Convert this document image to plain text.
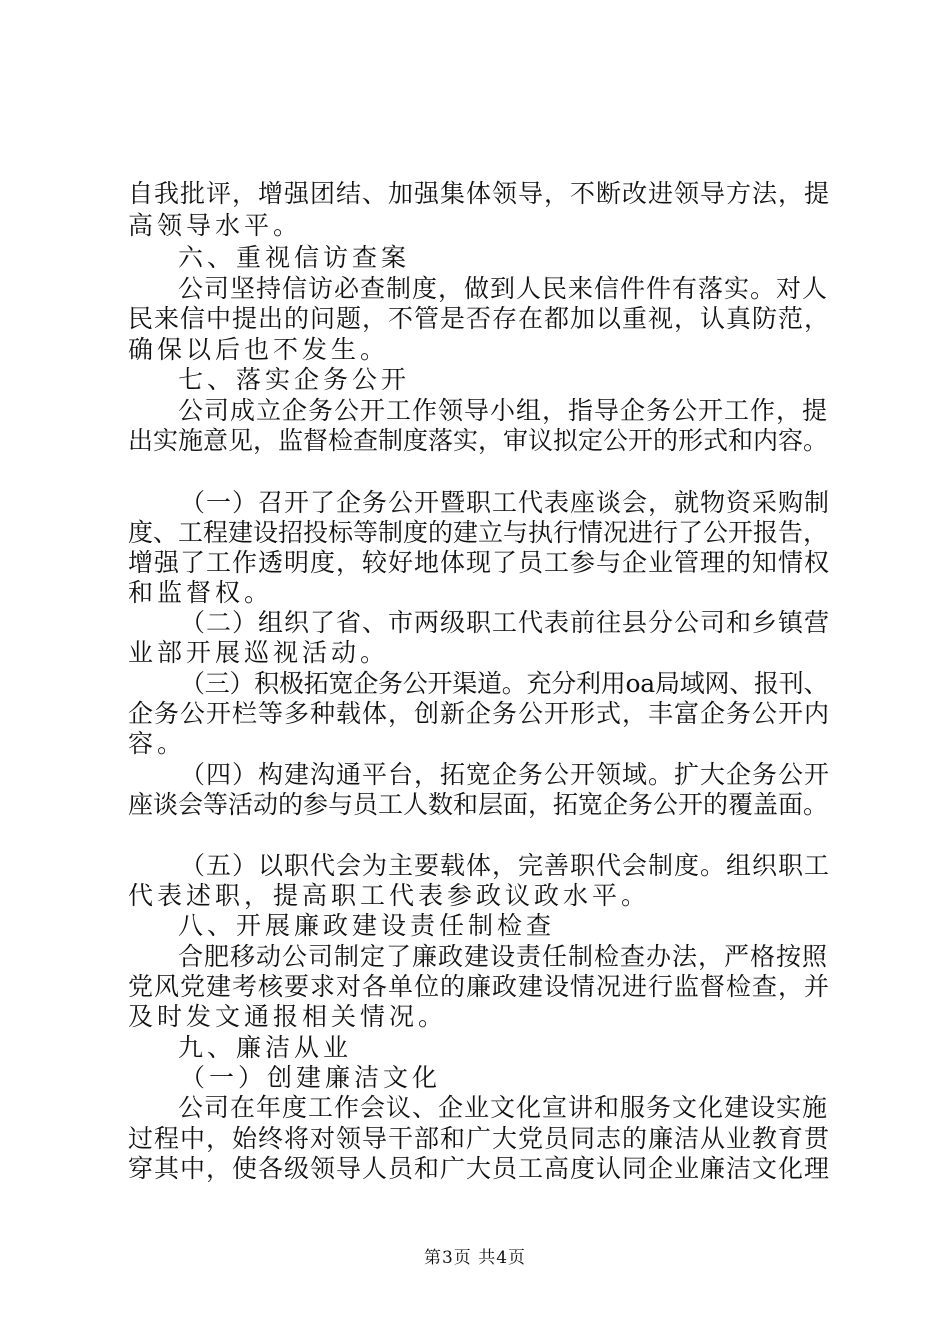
自我批评，增强团结、加强集体领导，不断改进领导方法，提
高领导水平。
六、重视信访查案
公司坚持信访必查制度，做到人民来信件件有落实。对人
民来信中提出的问题，不管是否存在都加以重视，认真防范，
确保以后也不发生。
七、落实企务公开
公司成立企务公开工作领导小组，指导企务公开工作，提
出实施意见，监督检查制度落实，审议拟定公开的形式和内容。
（一）召开了企务公开暨职工代表座谈会，就物资采购制
度、工程建设招投标等制度的建立与执行情况进行了公开报告，
增强了工作透明度，较好地体现了员工参与企业管理的知情权
和监督权。
（二）组织了省、市两级职工代表前往县分公司和乡镇营
业部开展巡视活动。
（三）积极拓宽企务公开渠道。充分利用oa局域网、报刊、
企务公开栏等多种载体，创新企务公开形式，丰富企务公开内
容。
（四）构建沟通平台，拓宽企务公开领域。扩大企务公开
座谈会等活动的参与员工人数和层面，拓宽企务公开的覆盖面。
（五）以职代会为主要载体，完善职代会制度。组织职工
代表述职，提高职工代表参政议政水平。
八、开展廉政建设责任制检查
合肥移动公司制定了廉政建设责任制检查办法，严格按照
党风党建考核要求对各单位的廉政建设情况进行监督检查，并
及时发文通报相关情况。
九、廉洁从业
（一）创建廉洁文化
公司在年度工作会议、企业文化宣讲和服务文化建设实施
过程中，始终将对领导干部和广大党员同志的廉洁从业教育贯
穿其中，使各级领导人员和广大员工高度认同企业廉洁文化理
第3页 共4页
